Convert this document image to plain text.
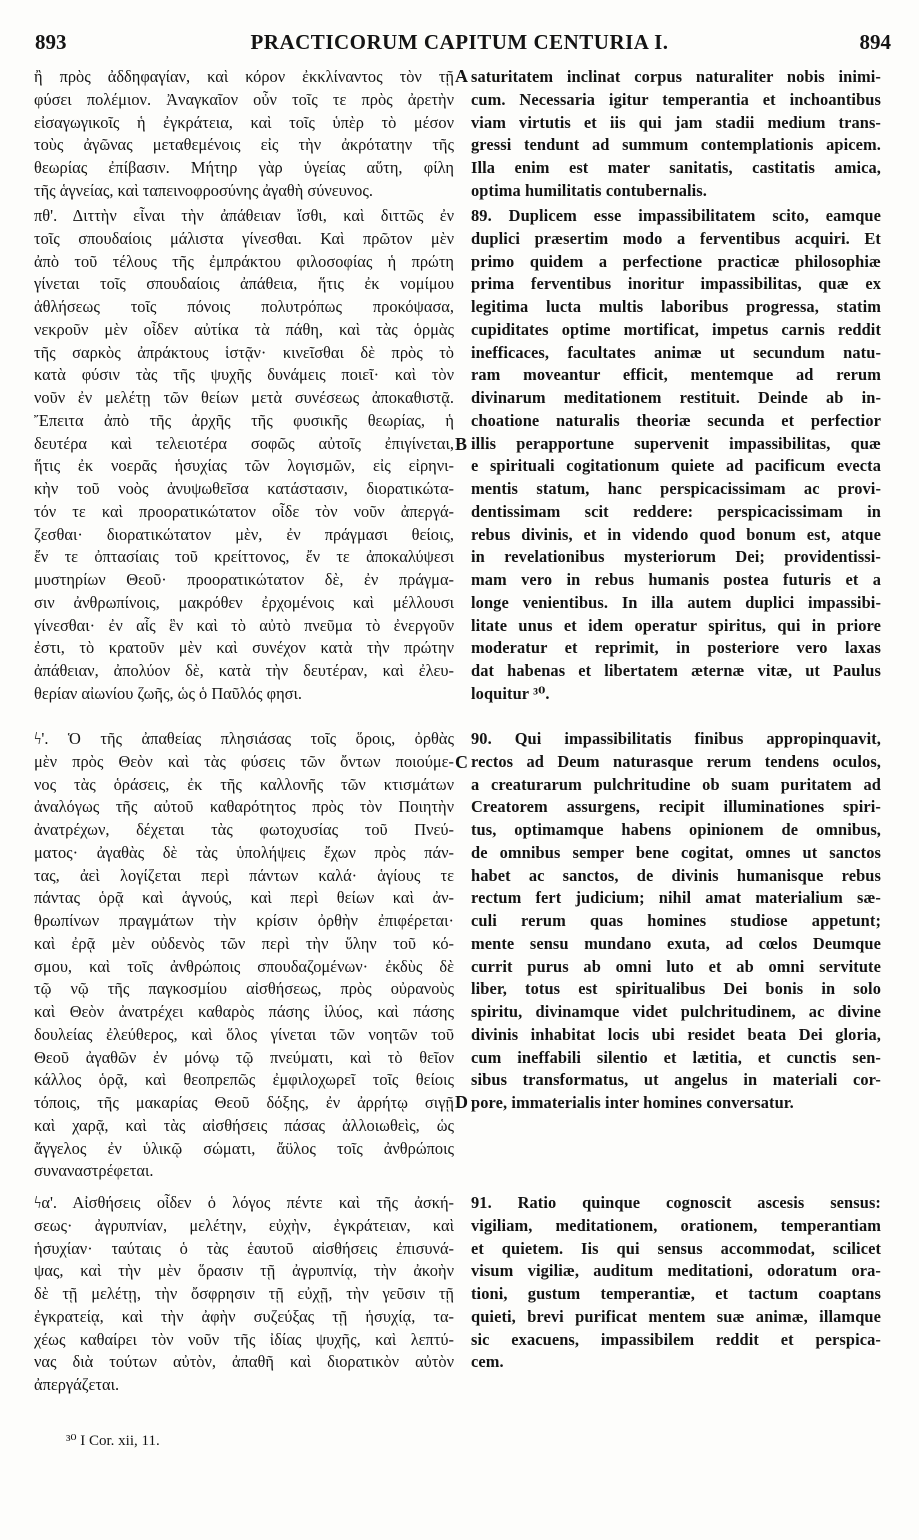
893	PRACTICORUM CAPITUM CENTURIA I.	894
ἢ πρὸς ἀδδηφαγίαν, καὶ κόρον ἐκκλίναντος τὸν τῇ
φύσει πολέμιον. Ἀναγκαῖον οὖν τοῖς τε πρὸς ἀρετὴν
εἰσαγωγικοῖς ἡ ἐγκράτεια, καὶ τοῖς ὑπὲρ τὸ μέσον
τοὺς ἀγῶνας μεταθεμένοις εἰς τὴν ἀκρότατην τῆς
θεωρίας ἐπίβασιν. Μήτηρ γὰρ ὑγείας αὕτη, φίλη
τῆς ἁγνείας, καὶ ταπεινοφροσύνης ἀγαθὴ σύνευνος.
πθ'. Διττὴν εἶναι τὴν ἀπάθειαν ἴσθι, καὶ διττῶς ἐν
τοῖς σπουδαίοις μάλιστα γίνεσθαι. Καὶ πρῶτον μὲν
ἀπὸ τοῦ τέλους τῆς ἐμπράκτου φιλοσοφίας ἡ πρώτη
γίνεται τοῖς σπουδαίοις ἀπάθεια, ἥτις ἐκ νομίμου
ἀθλήσεως τοῖς πόνοις πολυτρόπως προκόψασα,
νεκροῦν μὲν οἶδεν αὐτίκα τὰ πάθη, καὶ τὰς ὁρμὰς
τῆς σαρκὸς ἀπράκτους ἱστᾷν· κινεῖσθαι δὲ πρὸς τὸ
κατὰ φύσιν τὰς τῆς ψυχῆς δυνάμεις ποιεῖ· καὶ τὸν
νοῦν ἐν μελέτῃ τῶν θείων μετὰ συνέσεως ἀποκαθιστᾷ.
Ἔπειτα ἀπὸ τῆς ἀρχῆς τῆς φυσικῆς θεωρίας, ἡ
δευτέρα καὶ τελειοτέρα σοφῶς αὐτοῖς ἐπιγίνεται,
ἥτις ἐκ νοερᾶς ἡσυχίας τῶν λογισμῶν, εἰς εἰρηνι-
κὴν τοῦ νοὸς ἀνυψωθεῖσα κατάστασιν, διορατικώτα-
τόν τε καὶ προορατικώτατον οἶδε τὸν νοῦν ἀπεργά-
ζεσθαι· διορατικώτατον μὲν, ἐν πράγμασι θείοις,
ἔν τε ὀπτασίαις τοῦ κρείττονος, ἔν τε ἀποκαλύψεσι
μυστηρίων Θεοῦ· προορατικώτατον δὲ, ἐν πράγμα-
σιν ἀνθρωπίνοις, μακρόθεν ἐρχομένοις καὶ μέλλουσι
γίνεσθαι· ἐν αἷς ἓν καὶ τὸ αὐτὸ πνεῦμα τὸ ἐνεργοῦν
ἐστι, τὸ κρατοῦν μὲν καὶ συνέχον κατὰ τὴν πρώτην
ἀπάθειαν, ἀπολύον δὲ, κατὰ τὴν δευτέραν, καὶ ἐλευ-
θερίαν αἰωνίου ζωῆς, ὡς ὁ Παῦλός φησι.
ϟ'. Ὁ τῆς ἀπαθείας πλησιάσας τοῖς ὅροις, ὀρθὰς
μὲν πρὸς Θεὸν καὶ τὰς φύσεις τῶν ὄντων ποιούμε-
νος τὰς ὁράσεις, ἐκ τῆς καλλονῆς τῶν κτισμάτων
ἀναλόγως τῆς αὐτοῦ καθαρότητος πρὸς τὸν Ποιητὴν
ἀνατρέχων, δέχεται τὰς φωτοχυσίας τοῦ Πνεύ-
ματος· ἀγαθὰς δὲ τὰς ὑπολήψεις ἔχων πρὸς πάν-
τας, ἀεὶ λογίζεται περὶ πάντων καλά· ἁγίους τε
πάντας ὁρᾷ καὶ ἁγνούς, καὶ περὶ θείων καὶ ἀν-
θρωπίνων πραγμάτων τὴν κρίσιν ὀρθὴν ἐπιφέρεται·
καὶ ἐρᾷ μὲν οὐδενὸς τῶν περὶ τὴν ὕλην τοῦ κό-
σμου, καὶ τοῖς ἀνθρώποις σπουδαζομένων· ἐκδὺς δὲ
τῷ νῷ τῆς παγκοσμίου αἰσθήσεως, πρὸς οὐρανοὺς
καὶ Θεὸν ἀνατρέχει καθαρὸς πάσης ἰλύος, καὶ πάσης
δουλείας ἐλεύθερος, καὶ ὅλος γίνεται τῶν νοητῶν τοῦ
Θεοῦ ἀγαθῶν ἐν μόνῳ τῷ πνεύματι, καὶ τὸ θεῖον
κάλλος ὁρᾷ, καὶ θεοπρεπῶς ἐμφιλοχωρεῖ τοῖς θείοις
τόποις, τῆς μακαρίας Θεοῦ δόξης, ἐν ἀρρήτῳ σιγῇ
καὶ χαρᾷ, καὶ τὰς αἰσθήσεις πάσας ἀλλοιωθεὶς, ὡς
ἄγγελος ἐν ὑλικῷ σώματι, ἄϋλος τοῖς ἀνθρώποις
συναναστρέφεται.
ϟα'. Αἰσθήσεις οἶδεν ὁ λόγος πέντε καὶ τῆς ἀσκή-
σεως· ἀγρυπνίαν, μελέτην, εὐχὴν, ἐγκράτειαν, καὶ
ἡσυχίαν· ταύταις ὁ τὰς ἑαυτοῦ αἰσθήσεις ἐπισυνά-
ψας, καὶ τὴν μὲν ὅρασιν τῇ ἀγρυπνίᾳ, τὴν ἀκοὴν
δὲ τῇ μελέτῃ, τὴν ὄσφρησιν τῇ εὐχῇ, τὴν γεῦσιν τῇ
ἐγκρατείᾳ, καὶ τὴν ἀφὴν συζεύξας τῇ ἡσυχίᾳ, τα-
χέως καθαίρει τὸν νοῦν τῆς ἰδίας ψυχῆς, καὶ λεπτύ-
νας διὰ τούτων αὐτὸν, ἀπαθῆ καὶ διορατικὸν αὐτὸν
ἀπεργάζεται.
saturitatem inclinat corpus naturaliter nobis inimi-
cum. Necessaria igitur temperantia et inchoantibus
viam virtutis et iis qui jam stadii medium trans-
gressi tendunt ad summum contemplationis apicem.
Illa enim est mater sanitatis, castitatis amica,
optima humilitatis contubernalis.
89. Duplicem esse impassibilitatem scito, eamque
duplici præsertim modo a ferventibus acquiri. Et
primo quidem a perfectione practicæ philosophiæ
prima ferventibus inoritur impassibilitas, quæ ex
legitima lucta multis laboribus progressa, statim
cupiditates optime mortificat, impetus carnis reddit
inefficaces, facultates animæ ut secundum natu-
ram moveantur efficit, mentemque ad rerum
divinarum meditationem restituit. Deinde ab in-
choatione naturalis theoriæ secunda et perfectior
illis perapportune supervenit impassibilitas, quæ
e spirituali cogitationum quiete ad pacificum evecta
mentis statum, hanc perspicacissimam ac provi-
dentissimam scit reddere: perspicacissimam in
rebus divinis, et in videndo quod bonum est, atque
in revelationibus mysteriorum Dei; providentissi-
mam vero in rebus humanis postea futuris et a
longe venientibus. In illa autem duplici impassibi-
litate unus et idem operatur spiritus, qui in priore
moderatur et reprimit, in posteriore vero laxas
dat habenas et libertatem æternæ vitæ, ut Paulus
loquitur ³⁰.
90. Qui impassibilitatis finibus appropinquavit,
rectos ad Deum naturasque rerum tendens oculos,
a creaturarum pulchritudine ob suam puritatem ad
Creatorem assurgens, recipit illuminationes spiri-
tus, optimamque habens opinionem de omnibus,
de omnibus semper bene cogitat, omnes ut sanctos
habet ac sanctos, de divinis humanisque rebus
rectum fert judicium; nihil amat materialium sæ-
culi rerum quas homines studiose appetunt;
mente sensu mundano exuta, ad cœlos Deumque
currit purus ab omni luto et ab omni servitute
liber, totus est spiritualibus Dei bonis in solo
spiritu, divinamque videt pulchritudinem, ac divine
divinis inhabitat locis ubi residet beata Dei gloria,
cum ineffabili silentio et lætitia, et cunctis sen-
sibus transformatus, ut angelus in materiali cor-
pore, immaterialis inter homines conversatur.
91. Ratio quinque cognoscit ascesis sensus:
vigiliam, meditationem, orationem, temperantiam
et quietem. Iis qui sensus accommodat, scilicet
visum vigiliæ, auditum meditationi, odoratum ora-
tioni, gustum temperantiæ, et tactum coaptans
quieti, brevi purificat mentem suæ animæ, illamque
sic exacuens, impassibilem reddit et perspica-
cem.
A
B
C
D
³⁰ I Cor. xii, 11.
